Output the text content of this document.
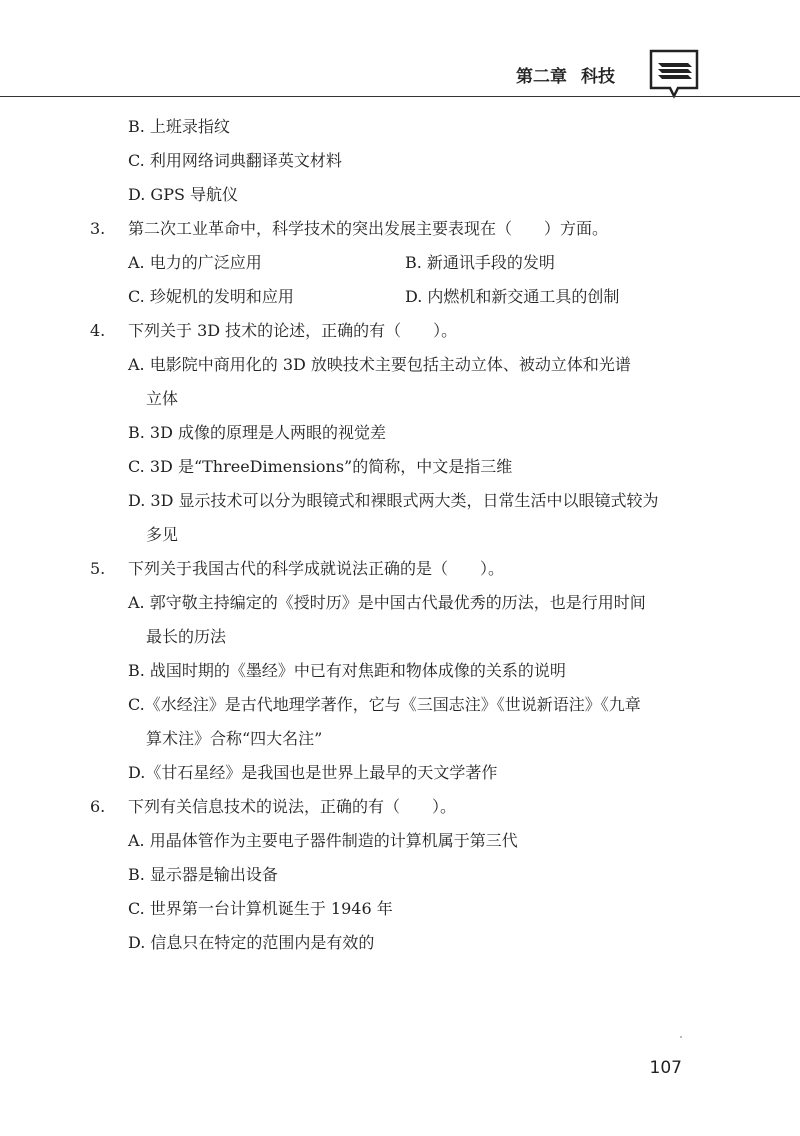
第二章 科技

B. 上班录指纹

C. 利用网络词典翻译英文材料

D. GPS 导航仪

3. 第二次工业革命中，科学技术的突出发展主要表现在（　　）方面。

A. 电力的广泛应用	B. 新通讯手段的发明
C. 珍妮机的发明和应用	D. 内燃机和新交通工具的创制

4. 下列关于 3D 技术的论述，正确的有（　　）。

A. 电影院中商用化的 3D 放映技术主要包括主动立体、被动立体和光谱

立体

B. 3D 成像的原理是人两眼的视觉差

C. 3D 是“ThreeDimensions”的简称，中文是指三维

D. 3D 显示技术可以分为眼镜式和裸眼式两大类，日常生活中以眼镜式较为

多见

5. 下列关于我国古代的科学成就说法正确的是（　　）。

A. 郭守敬主持编定的《授时历》是中国古代最优秀的历法，也是行用时间

最长的历法

B. 战国时期的《墨经》中已有对焦距和物体成像的关系的说明

C.《水经注》是古代地理学著作，它与《三国志注》《世说新语注》《九章

算术注》合称“四大名注”

D.《甘石星经》是我国也是世界上最早的天文学著作

6. 下列有关信息技术的说法，正确的有（　　）。

A. 用晶体管作为主要电子器件制造的计算机属于第三代

B. 显示器是输出设备

C. 世界第一台计算机诞生于 1946 年

D. 信息只在特定的范围内是有效的

107
